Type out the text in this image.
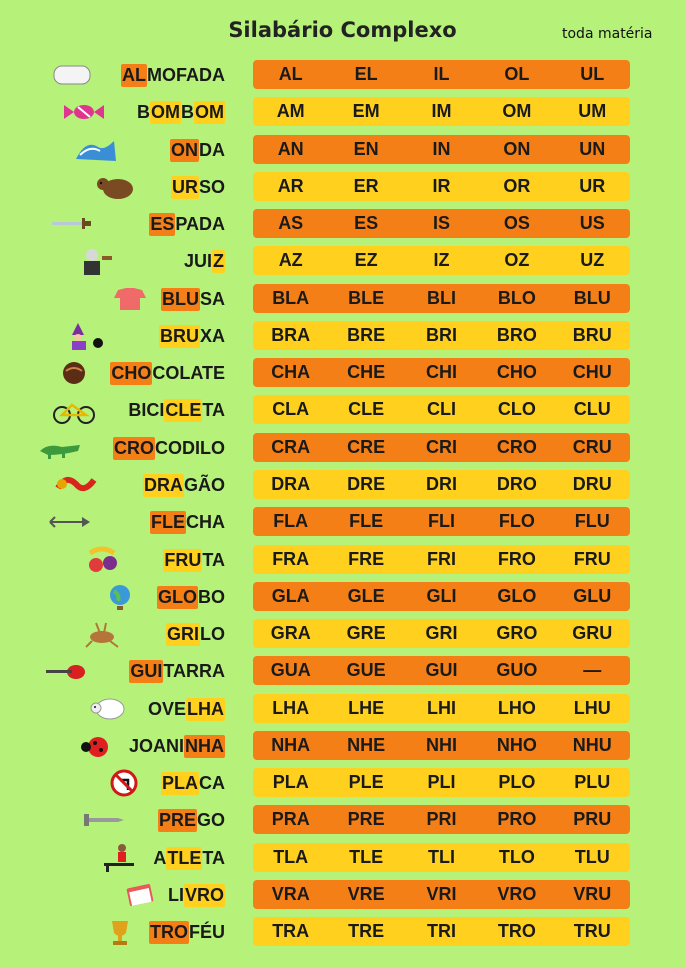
Silabário Complexo	toda matéria
AL MOFADA	AL	EL	IL	OL	UL
B OM B OM	AM	EM	IM	OM	UM
ON DA	AN	EN	IN	ON	UN
UR SO	AR	ER	IR	OR	UR
ES PADA	AS	ES	IS	OS	US
JUI Z	AZ	EZ	IZ	OZ	UZ
BLU SA	BLA	BLE	BLI	BLO	BLU
BRU XA	BRA	BRE	BRI	BRO	BRU
CHO COLATE	CHA	CHE	CHI	CHO	CHU
BICI CLE TA	CLA	CLE	CLI	CLO	CLU
CRO CODILO	CRA	CRE	CRI	CRO	CRU
DRA GÃO	DRA	DRE	DRI	DRO	DRU
FLE CHA	FLA	FLE	FLI	FLO	FLU
FRU TA	FRA	FRE	FRI	FRO	FRU
GLO BO	GLA	GLE	GLI	GLO	GLU
GRI LO	GRA	GRE	GRI	GRO	GRU
GUI TARRA	GUA	GUE	GUI	GUO	—
OVE LHA	LHA	LHE	LHI	LHO	LHU
JOANI NHA	NHA	NHE	NHI	NHO	NHU
PLA CA	PLA	PLE	PLI	PLO	PLU
PRE GO	PRA	PRE	PRI	PRO	PRU
A TLE TA	TLA	TLE	TLI	TLO	TLU
LI VRO	VRA	VRE	VRI	VRO	VRU
TRO FÉU	TRA	TRE	TRI	TRO	TRU
